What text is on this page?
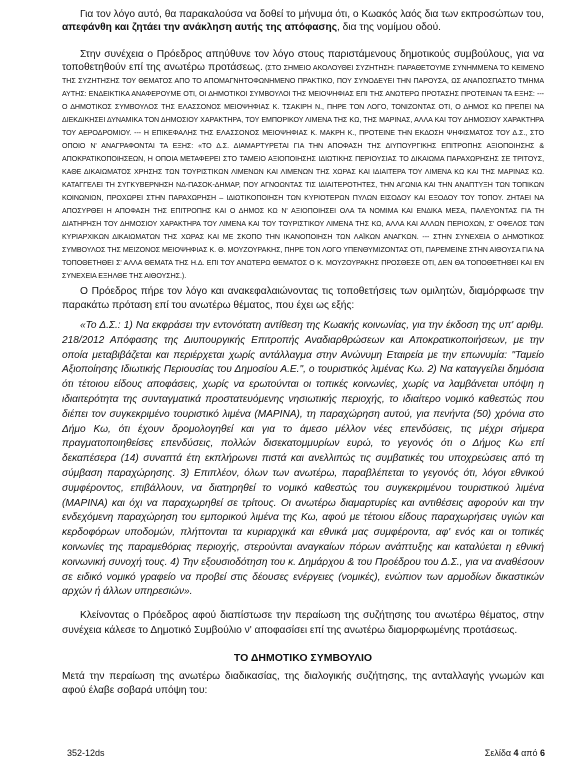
Για τον λόγο αυτό, θα παρακαλούσα να δοθεί το μήνυμα ότι, ο Κωακός λαός δια των εκπροσώπων του, απεφάνθη και ζητάει την ανάκληση αυτής της απόφασης, δια της νομίμου οδού.

Στην συνέχεια ο Πρόεδρος απηύθυνε τον λόγο στους παριστάμενους δημοτικούς συμβούλους, για να τοποθετηθούν επί της ανωτέρω προτάσεως. (ΣΤΟ ΣΗΜΕΙΟ ΑΚΟΛΟΥΘΕΙ ΣΥΖΗΤΗΣΗ: ΠΑΡΑΘΕΤΟΥΜΕ ΣΥΝΗΜΜΕΝΑ ΤΟ ΚΕΙΜΕΝΟ ΤΗΣ ΣΥΖΗΤΗΣΗΣ ΤΟΥ ΘΕΜΑΤΟΣ ΑΠΟ ΤΟ ΑΠΟΜΑΓΝΗΤΟΦΩΝΗΜΕΝΟ ΠΡΑΚΤΙΚΟ, ΠΟΥ ΣΥΝΟΔΕΥΕΙ ΤΗΝ ΠΑΡΟΥΣΑ, ΩΣ ΑΝΑΠΟΣΠΑΣΤΟ ΤΜΗΜΑ ΑΥΤΗΣ: ΕΝΔΕΙΚΤΙΚΑ ΑΝΑΦΕΡΟΥΜΕ ΟΤΙ, ΟΙ ΔΗΜΟΤΙΚΟΙ ΣΥΜΒΟΥΛΟΙ ΤΗΣ ΜΕΙΟΨΗΦΙΑΣ ΕΠΙ ΤΗΣ ΑΝΩΤΕΡΩ ΠΡΟΤΑΣΗΣ ΠΡΟΤΕΙΝΑΝ ΤΑ ΕΞΗΣ: --- Ο ΔΗΜΟΤΙΚΟΣ ΣΥΜΒΟΥΛΟΣ ΤΗΣ ΕΛΑΣΣΟΝΟΣ ΜΕΙΟΨΗΦΙΑΣ Κ. ΤΣΑΚΙΡΗ Ν., ΠΗΡΕ ΤΟΝ ΛΟΓΟ, ΤΟΝΙΖΟΝΤΑΣ ΟΤΙ, Ο ΔΗΜΟΣ ΚΩ ΠΡΕΠΕΙ ΝΑ ΔΙΕΚΔΙΚΗΣΕΙ ΔΥΝΑΜΙΚΑ ΤΟΝ ΔΗΜΟΣΙΟΥ ΧΑΡΑΚΤΗΡΑ, ΤΟΥ ΕΜΠΟΡΙΚΟΥ ΛΙΜΕΝΑ ΤΗΣ ΚΩ, ΤΗΣ ΜΑΡΙΝΑΣ, ΑΛΛΑ ΚΑΙ ΤΟΥ ΔΗΜΟΣΙΟΥ ΧΑΡΑΚΤΗΡΑ ΤΟΥ ΑΕΡΟΔΡΟΜΙΟΥ. --- Η ΕΠΙΚΕΦΑΛΗΣ ΤΗΣ ΕΛΑΣΣΟΝΟΣ ΜΕΙΟΨΗΦΙΑΣ Κ. ΜΑΚΡΗ Κ., ΠΡΟΤΕΙΝΕ ΤΗΝ ΕΚΔΟΣΗ ΨΗΦΙΣΜΑΤΟΣ ΤΟΥ Δ.Σ., ΣΤΟ ΟΠΟΙΟ Ν' ΑΝΑΓΡΑΦΟΝΤΑΙ ΤΑ ΕΞΗΣ: «ΤΟ Δ.Σ. ΔΙΑΜΑΡΤΥΡΕΤΑΙ ΓΙΑ ΤΗΝ ΑΠΟΦΑΣΗ ΤΗΣ ΔΙΥΠΟΥΡΓΙΚΗΣ ΕΠΙΤΡΟΠΗΣ ΑΞΙΟΠΟΙΗΣΗΣ & ΑΠΟΚΡΑΤΙΚΟΠΟΙΗΣΕΩΝ, Η ΟΠΟΙΑ ΜΕΤΑΦΕΡΕΙ ΣΤΟ ΤΑΜΕΙΟ ΑΞΙΟΠΟΙΗΣΗΣ ΙΔΙΩΤΙΚΗΣ ΠΕΡΙΟΥΣΙΑΣ ΤΟ ΔΙΚΑΙΩΜΑ ΠΑΡΑΧΩΡΗΣΗΣ ΣΕ ΤΡΙΤΟΥΣ, ΚΑΘΕ ΔΙΚΑΙΩΜΑΤΟΣ ΧΡΗΣΗΣ ΤΩΝ ΤΟΥΡΙΣΤΙΚΩΝ ΛΙΜΕΝΩΝ ΚΑΙ ΛΙΜΕΝΩΝ ΤΗΣ ΧΩΡΑΣ ΚΑΙ ΙΔΙΑΙΤΕΡΑ ΤΟΥ ΛΙΜΕΝΑ ΚΩ ΚΑΙ ΤΗΣ ΜΑΡΙΝΑΣ ΚΩ. ΚΑΤΑΓΓΕΛΕΙ ΤΗ ΣΥΓΚΥΒΕΡΝΗΣΗ ΝΔ-ΠΑΣΟΚ-ΔΗΜΑΡ, ΠΟΥ ΑΓΝΟΩΝΤΑΣ ΤΙΣ ΙΔΙΑΙΤΕΡΟΤΗΤΕΣ, ΤΗΝ ΑΓΩΝΙΑ ΚΑΙ ΤΗΝ ΑΝΑΠΤΥΞΗ ΤΩΝ ΤΟΠΙΚΩΝ ΚΟΙΝΩΝΙΩΝ, ΠΡΟΧΩΡΕΙ ΣΤΗΝ ΠΑΡΑΧΩΡΗΣΗ – ΙΔΙΩΤΙΚΟΠΟΙΗΣΗ ΤΩΝ ΚΥΡΙΟΤΕΡΩΝ ΠΥΛΩΝ ΕΙΣΟΔΟΥ ΚΑΙ ΕΞΟΔΟΥ ΤΟΥ ΤΟΠΟΥ. ΖΗΤΑΕΙ ΝΑ ΑΠΟΣΥΡΘΕΙ Η ΑΠΟΦΑΣΗ ΤΗΣ ΕΠΙΤΡΟΠΗΣ ΚΑΙ Ο ΔΗΜΟΣ ΚΩ Ν' ΑΞΙΟΠΟΙΗΣΕΙ ΟΛΑ ΤΑ ΝΟΜΙΜΑ ΚΑΙ ΕΝΔΙΚΑ ΜΕΣΑ, ΠΑΛΕΥΟΝΤΑΣ ΓΙΑ ΤΗ ΔΙΑΤΗΡΗΣΗ ΤΟΥ ΔΗΜΟΣΙΟΥ ΧΑΡΑΚΤΗΡΑ ΤΟΥ ΛΙΜΕΝΑ ΚΑΙ ΤΟΥ ΤΟΥΡΙΣΤΙΚΟΥ ΛΙΜΕΝΑ ΤΗΣ ΚΩ, ΑΛΛΑ ΚΑΙ ΑΛΛΩΝ ΠΕΡΙΟΧΩΝ, Σ' ΟΦΕΛΟΣ ΤΩΝ ΚΥΡΙΑΡΧΙΚΩΝ ΔΙΚΑΙΩΜΑΤΩΝ ΤΗΣ ΧΩΡΑΣ ΚΑΙ ΜΕ ΣΚΟΠΟ ΤΗΝ ΙΚΑΝΟΠΟΙΗΣΗ ΤΩΝ ΛΑΪΚΩΝ ΑΝΑΓΚΩΝ. --- ΣΤΗΝ ΣΥΝΕΧΕΙΑ Ο ΔΗΜΟΤΙΚΟΣ ΣΥΜΒΟΥΛΟΣ ΤΗΣ ΜΕΙΖΟΝΟΣ ΜΕΙΟΨΗΦΙΑΣ Κ. Θ. ΜΟΥΖΟΥΡΑΚΗΣ, ΠΗΡΕ ΤΟΝ ΛΟΓΟ ΥΠΕΝΘΥΜΙΖΟΝΤΑΣ ΟΤΙ, ΠΑΡΕΜΕΙΝΕ ΣΤΗΝ ΑΙΘΟΥΣΑ ΓΙΑ ΝΑ ΤΟΠΟΘΕΤΗΘΕΙ Σ' ΑΛΛΑ ΘΕΜΑΤΑ ΤΗΣ Η.Δ. ΕΠΙ ΤΟΥ ΑΝΩΤΕΡΩ ΘΕΜΑΤΟΣ Ο Κ. ΜΟΥΖΟΥΡΑΚΗΣ ΠΡΟΣΘΕΣΕ ΟΤΙ, ΔΕΝ ΘΑ ΤΟΠΟΘΕΤΗΘΕΙ ΚΑΙ ΕΝ ΣΥΝΕΧΕΙΑ ΕΞΗΛΘΕ ΤΗΣ ΑΙΘΟΥΣΗΣ.).

Ο Πρόεδρος πήρε τον λόγο και ανακεφαλαιώνοντας τις τοποθετήσεις των ομιλητών, διαμόρφωσε την παρακάτω πρόταση επί του ανωτέρω θέματος, που έχει ως εξής:

«Το Δ.Σ.: 1) Να εκφράσει την εντονότατη αντίθεση της Κωακής κοινωνίας, για την έκδοση της υπ' αριθμ. 218/2012 Απόφασης της Διυπουργικής Επιτροπής Αναδιαρθρώσεων και Αποκρατικοποιήσεων, με την οποία μεταβιβάζεται και περιέρχεται χωρίς αντάλλαγμα στην Ανώνυμη Εταιρεία με την επωνυμία: "Ταμείο Αξιοποίησης Ιδιωτικής Περιουσίας του Δημοσίου Α.Ε.", ο τουριστικός λιμένας Κω. 2) Να καταγγείλει δημόσια ότι τέτοιου είδους αποφάσεις, χωρίς να ερωτούνται οι τοπικές κοινωνίες, χωρίς να λαμβάνεται υπόψη η ιδιαιτερότητα της συνταγματικά προστατευόμενης νησιωτικής περιοχής, το ιδιαίτερο νομικό καθεστώς που διέπει τον συγκεκριμένο τουριστικό λιμένα (ΜΑΡΙΝΑ), τη παραχώρηση αυτού, για πενήντα (50) χρόνια στο Δήμο Κω, ότι έχουν δρομολογηθεί και για το άμεσο μέλλον νέες επενδύσεις, τις μέχρι σήμερα πραγματοποιηθείσες επενδύσεις, πολλών δισεκατομμυρίων ευρώ, το γεγονός ότι ο Δήμος Κω επί δεκαπέσερα (14) συναπτά έτη εκπλήρωνει πιστά και ανελλιπώς τις συμβατικές του υποχρεώσεις από τη σύμβαση παραχώρησης. 3) Επιπλέον, όλων των ανωτέρω, παραβλέπεται το γεγονός ότι, λόγοι εθνικού συμφέροντος, επιβάλλουν, να διατηρηθεί το νομικό καθεστώς του συγκεκριμένου τουριστικού λιμένα (ΜΑΡΙΝΑ) και όχι να παραχωρηθεί σε τρίτους. Οι ανωτέρω διαμαρτυρίες και αντιθέσεις αφορούν και την ενδεχόμενη παραχώρηση του εμπορικού λιμένα της Κω, αφού με τέτοιου είδους παραχωρήσεις υγιών και κερδοφόρων υποδομών, πλήττονται τα κυριαρχικά και εθνικά μας συμφέροντα, αφ' ενός και οι τοπικές κοινωνίες της παραμεθόριας περιοχής, στερούνται αναγκαίων πόρων ανάπτυξης και καταλύεται η εθνική κοινωνική συνοχή τους. 4) Την εξουσιοδότηση του κ. Δημάρχου & του Προέδρου του Δ.Σ., για να αναθέσουν σε ειδικό νομικό γραφείο να προβεί στις δέουσες ενέργειες (νομικές), ενώπιον των αρμοδίων δικαστικών αρχών ή άλλων υπηρεσιών».

Κλείνοντας ο Πρόεδρος αφού διαπίστωσε την περαίωση της συζήτησης του ανωτέρω θέματος, στην συνέχεια κάλεσε το Δημοτικό Συμβούλιο ν' αποφασίσει επί της ανωτέρω διαμορφωμένης προτάσεως.

ΤΟ ΔΗΜΟΤΙΚΟ ΣΥΜΒΟΥΛΙΟ

Μετά την περαίωση της ανωτέρω διαδικασίας, της διαλογικής συζήτησης, της ανταλλαγής γνωμών και αφού έλαβε σοβαρά υπόψη του:

352-12ds	Σελίδα 4 από 6
